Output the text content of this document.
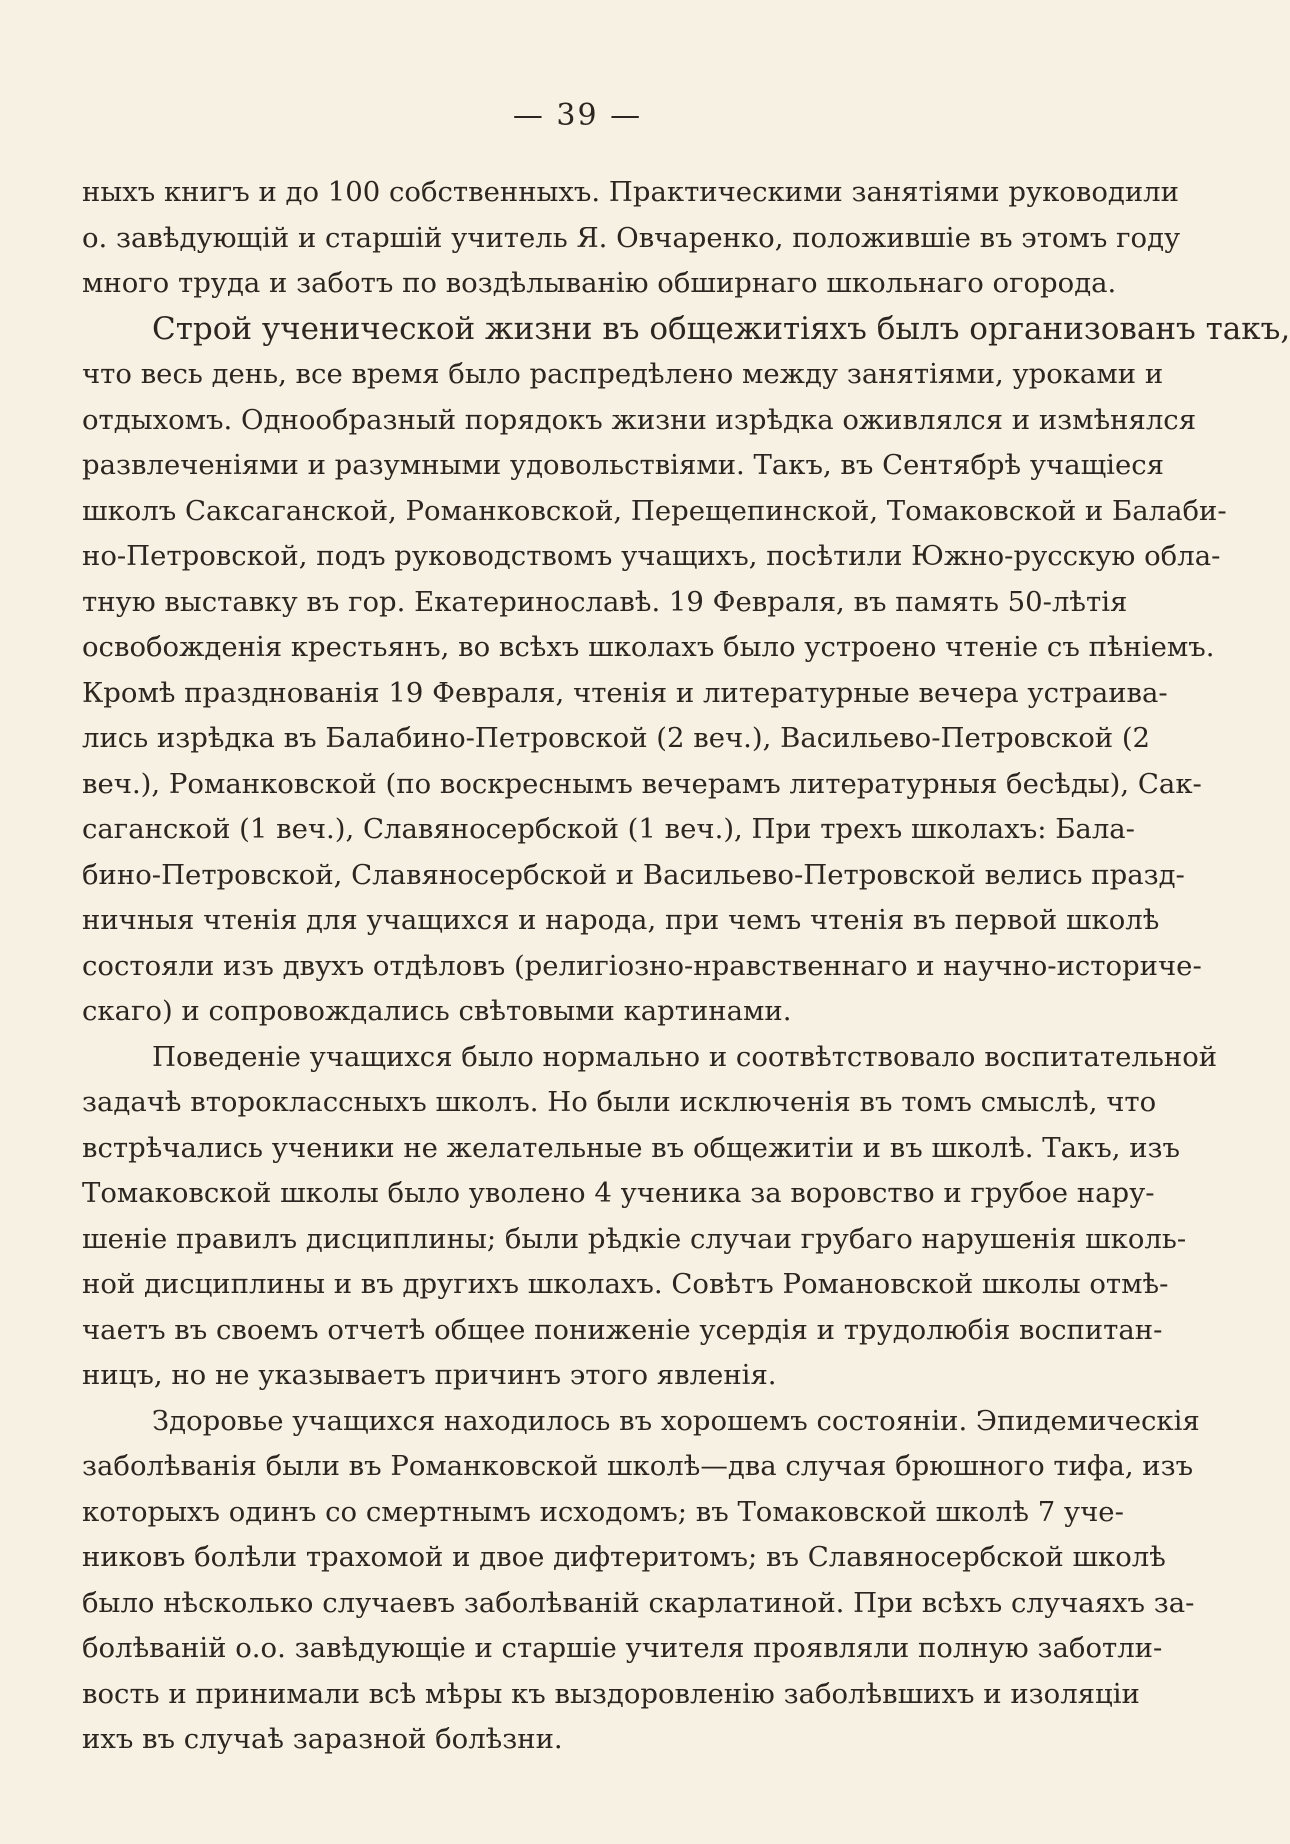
— 39 —
ныхъ книгъ и до 100 собственныхъ. Практическими занятіями руководили
о. завѣдующій и старшій учитель Я. Овчаренко, положившіе въ этомъ году
много труда и заботъ по воздѣлыванію обширнаго школьнаго огорода.
Строй ученической жизни въ общежитіяхъ былъ организованъ такъ,
что весь день, все время было распредѣлено между занятіями, уроками и
отдыхомъ. Однообразный порядокъ жизни изрѣдка оживлялся и измѣнялся
развлеченіями и разумными удовольствіями. Такъ, въ Сентябрѣ учащіеся
школъ Саксаганской, Романковской, Перещепинской, Томаковской и Балаби-
но-Петровской, подъ руководствомъ учащихъ, посѣтили Южно-русскую обла-
тную выставку въ гор. Екатеринославѣ. 19 Февраля, въ память 50-лѣтія
освобожденія крестьянъ, во всѣхъ школахъ было устроено чтеніе съ пѣніемъ.
Кромѣ празднованія 19 Февраля, чтенія и литературные вечера устраива-
лись изрѣдка въ Балабино-Петровской (2 веч.), Васильево-Петровской (2
веч.), Романковской (по воскреснымъ вечерамъ литературныя бесѣды), Сак-
саганской (1 веч.), Славяносербской (1 веч.), При трехъ школахъ: Бала-
бино-Петровской, Славяносербской и Васильево-Петровской велись празд-
ничныя чтенія для учащихся и народа, при чемъ чтенія въ первой школѣ
состояли изъ двухъ отдѣловъ (религіозно-нравственнаго и научно-историче-
скаго) и сопровождались свѣтовыми картинами.
Поведеніе учащихся было нормально и соотвѣтствовало воспитательной
задачѣ второклассныхъ школъ. Но были исключенія въ томъ смыслѣ, что
встрѣчались ученики не желательные въ общежитіи и въ школѣ. Такъ, изъ
Томаковской школы было уволено 4 ученика за воровство и грубое нару-
шеніе правилъ дисциплины; были рѣдкіе случаи грубаго нарушенія школь-
ной дисциплины и въ другихъ школахъ. Совѣтъ Романовской школы отмѣ-
чаетъ въ своемъ отчетѣ общее пониженіе усердія и трудолюбія воспитан-
ницъ, но не указываетъ причинъ этого явленія.
Здоровье учащихся находилось въ хорошемъ состояніи. Эпидемическія
заболѣванія были въ Романковской школѣ—два случая брюшного тифа, изъ
которыхъ одинъ со смертнымъ исходомъ; въ Томаковской школѣ 7 уче-
никовъ болѣли трахомой и двое дифтеритомъ; въ Славяносербской школѣ
было нѣсколько случаевъ заболѣваній скарлатиной. При всѣхъ случаяхъ за-
болѣваній о.о. завѣдующіе и старшіе учителя проявляли полную заботли-
вость и принимали всѣ мѣры къ выздоровленію заболѣвшихъ и изоляціи
ихъ въ случаѣ заразной болѣзни.
